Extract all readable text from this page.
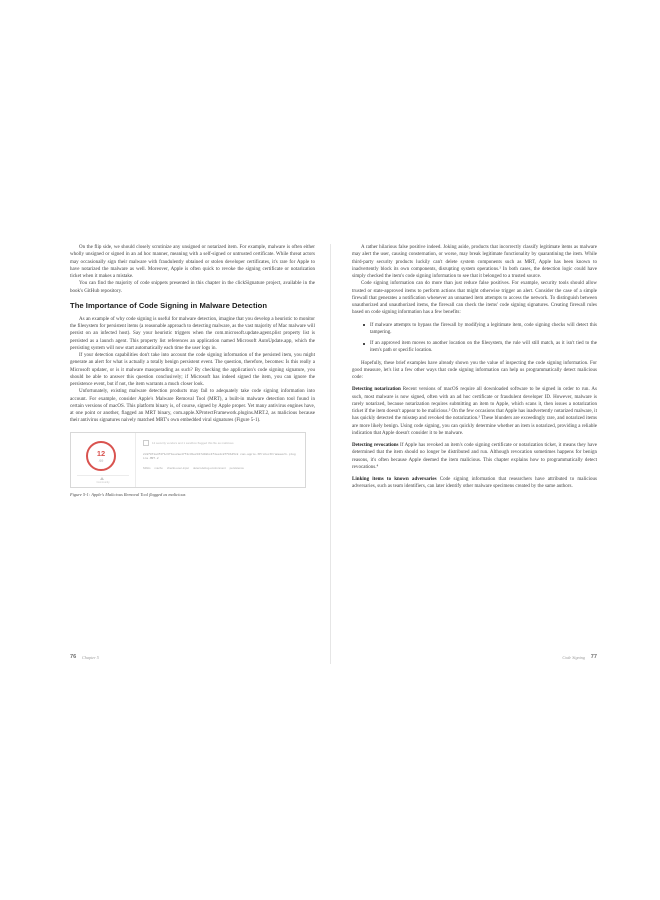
On the flip side, we should closely scrutinize any unsigned or notarized item. For example, malware is often either wholly unsigned or signed in an ad hoc manner, meaning with a self-signed or untrusted certificate. While threat actors may occasionally sign their malware with fraudulently obtained or stolen developer certificates, it's rare for Apple to have notarized the malware as well. Moreover, Apple is often quick to revoke the signing certificate or notarization ticket when it makes a mistake.

You can find the majority of code snippets presented in this chapter in the clickSignature project, available in the book's GitHub repository.

The Importance of Code Signing in Malware Detection

As an example of why code signing is useful for malware detection, imagine that you develop a heuristic to monitor the filesystem for persistent items (a reasonable approach to detecting malware, as the vast majority of Mac malware will persist on an infected host). Say your heuristic triggers when the com.microsoft.update.agent.plist property list is persisted as a launch agent. This property list references an application named Microsoft AutoUpdate.app, which the persisting system will now start automatically each time the user logs in.

If your detection capabilities don't take into account the code signing information of the persisted item, you might generate an alert for what is actually a totally benign persistent event. The question, therefore, becomes: Is this really a Microsoft updater, or is it malware masquerading as such? By checking the application's code signing signature, you should be able to answer this question conclusively; if Microsoft has indeed signed the item, you can ignore the persistence event, but if not, the item warrants a much closer look.

Unfortunately, existing malware detection products may fail to adequately take code signing information into account. For example, consider Apple's Malware Removal Tool (MRT), a built-in malware detection tool found in certain versions of macOS. This platform binary is, of course, signed by Apple proper. Yet many antivirus engines have, at one point or another, flagged an MRT binary, com.apple.XProtectFramework.plugins.MRT.2, as malicious because their antivirus signatures naively matched MRT's own embedded viral signatures (Figure 5-1).

12
/69
Community
12 security vendors and 1 sandbox flagged this file as malicious
2c8f071a4f2f1c6f4ee2ae47f4c3be2347d48bc4f4ee2c87f0b45c8 com.apple.XProtectFramework.plugins.MRT.2
64bits macho checks-user-input detect-debug-environment persistence
Figure 5-1: Apple's Malicious Removal Tool flagged as malicious
76 Chapter 5

A rather hilarious false positive indeed. Joking aside, products that incorrectly classify legitimate items as malware may alert the user, causing consternation, or worse, may break legitimate functionality by quarantining the item. While third-party security products luckily can't delete system components such as MRT, Apple has been known to inadvertently block its own components, disrupting system operations.¹ In both cases, the detection logic could have simply checked the item's code signing information to see that it belonged to a trusted source.

Code signing information can do more than just reduce false positives. For example, security tools should allow trusted or state-approved items to perform actions that might otherwise trigger an alert. Consider the case of a simple firewall that generates a notification whenever an unnamed item attempts to access the network. To distinguish between unauthorized and unauthorized items, the firewall can check the items' code signing signatures. Creating firewall rules based on code signing information has a few benefits:

If malware attempts to bypass the firewall by modifying a legitimate item, code signing checks will detect this tampering.
If an approved item moves to another location on the filesystem, the rule will still match, as it isn't tied to the item's path or specific location.

Hopefully, these brief examples have already shown you the value of inspecting the code signing information. For good measure, let's list a few other ways that code signing information can help us programmatically detect malicious code:

Detecting notarization Recent versions of macOS require all downloaded software to be signed in order to run. As such, most malware is now signed, often with an ad hoc certificate or fraudulent developer ID. However, malware is rarely notarized, because notarization requires submitting an item to Apple, which scans it, then issues a notarization ticket if the item doesn't appear to be malicious.² On the few occasions that Apple has inadvertently notarized malware, it has quickly detected the misstep and revoked the notarization.³ These blunders are exceedingly rare, and notarized items are more likely benign. Using code signing, you can quickly determine whether an item is notarized, providing a reliable indication that Apple doesn't consider it to be malware.

Detecting revocations If Apple has revoked an item's code signing certificate or notarization ticket, it means they have determined that the item should no longer be distributed and run. Although revocation sometimes happens for benign reasons, it's often because Apple deemed the item malicious. This chapter explains how to programmatically detect revocations.⁴

Linking items to known adversaries Code signing information that researchers have attributed to malicious adversaries, such as team identifiers, can later identify other malware specimens created by the same authors.

Code Signing 77
